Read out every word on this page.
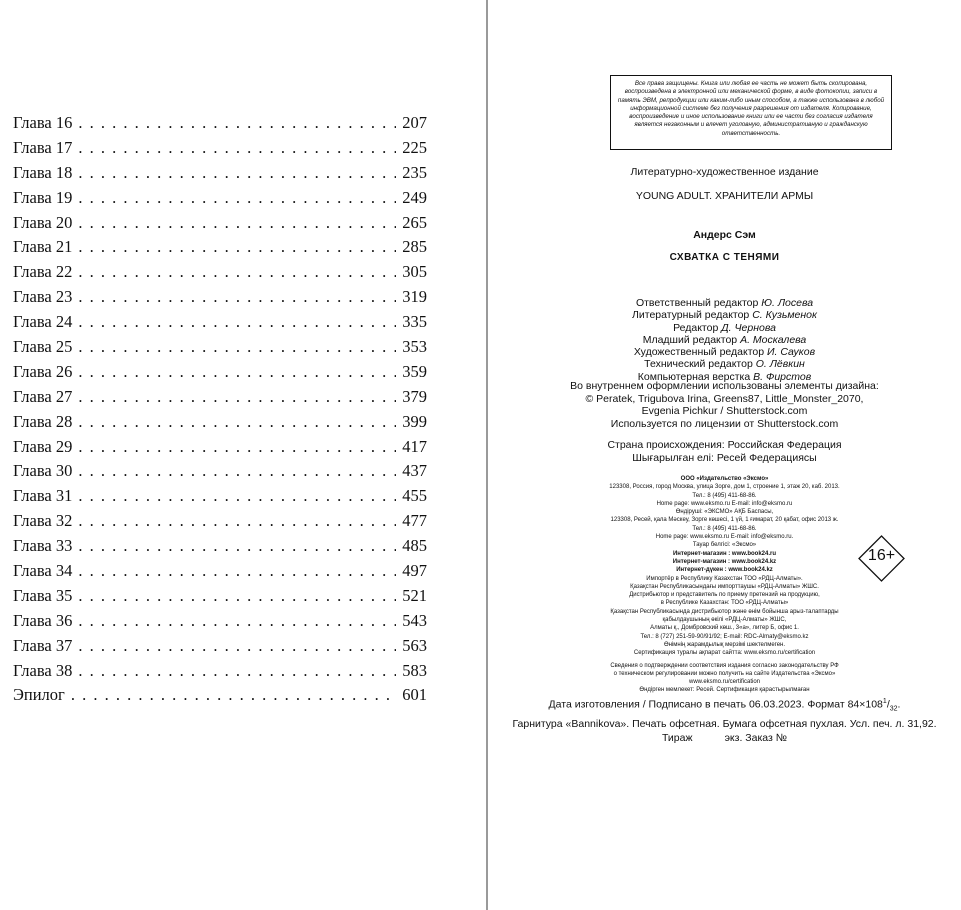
Глава 16 . . .	207
Глава 17 . . .	225
Глава 18 . . .	235
Глава 19 . . .	249
Глава 20 . . .	265
Глава 21 . . .	285
Глава 22 . . .	305
Глава 23 . . .	319
Глава 24 . . .	335
Глава 25 . . .	353
Глава 26 . . .	359
Глава 27 . . .	379
Глава 28 . . .	399
Глава 29 . . .	417
Глава 30 . . .	437
Глава 31 . . .	455
Глава 32 . . .	477
Глава 33 . . .	485
Глава 34 . . .	497
Глава 35 . . .	521
Глава 36 . . .	543
Глава 37 . . .	563
Глава 38 . . .	583
Эпилог . . .	601
Все права защищены. Книга или любая ее часть не может быть скопирована, воспроизведена в электронной или механической форме, в виде фотокопии, записи в память ЭВМ, репродукции или каким-либо иным способом, а также использована в любой информационной системе без получения разрешения от издателя. Копирование, воспроизведение и иное использование книги или ее части без согласия издателя является незаконным и влечет уголовную, административную и гражданскую ответственность.
Литературно-художественное издание
YOUNG ADULT. ХРАНИТЕЛИ АРМЫ
Андерс Сэм
СХВАТКА С ТЕНЯМИ
Ответственный редактор Ю. Лосева
Литературный редактор С. Кузьменок
Редактор Д. Чернова
Младший редактор А. Москалева
Художественный редактор И. Сауков
Технический редактор О. Лёвкин
Компьютерная верстка В. Фирстов
Во внутреннем оформлении использованы элементы дизайна:
© Peratek, Trigubova Irina, Greens87, Little_Monster_2070,
Evgenia Pichkur / Shutterstock.com
Используется по лицензии от Shutterstock.com
Страна происхождения: Российская Федерация
Шығарылған елі: Ресей Федерациясы
ООО «Издательство «Эксмо»
123308, Россия, город Москва, улица Зорге, дом 1, строение 1, этаж 20, каб. 2013.
Тел.: 8 (495) 411-68-86.
Home page: www.eksmo.ru E-mail: info@eksmo.ru
Өндіруші: «ЭКСМО» АҚБ Баспасы,
123308, Ресей, қала Мәскеу, Зорге көшесі, 1 үй, 1 ғимарат, 20 қабат, офис 2013 ж.
Тел.: 8 (495) 411-68-86.
Home page: www.eksmo.ru E-mail: info@eksmo.ru.
Тауар белгісі: «Эксмо»
Интернет-магазин : www.book24.ru
Интернет-магазин : www.book24.kz
Интернет-дүкен : www.book24.kz
Импортёр в Республику Казахстан ТОО «РДЦ-Алматы».
Қазақстан Республикасындағы импорттаушы «РДЦ-Алматы» ЖШС.
Дистрибьютор и представитель по приему претензий на продукцию,
в Республике Казахстан: ТОО «РДЦ-Алматы»
Қазақстан Республикасында дистрибьютор және өнім бойынша арыз-талаптарды
қабылдаушының өкілі «РДЦ-Алматы» ЖШС,
Алматы қ., Домбровский көш., 3«а», литер Б, офис 1.
Тел.: 8 (727) 251-59-90/91/92; E-mail: RDC-Almaty@eksmo.kz
Өнімнің жарамдылық мерзімі шектелмеген.
Сертификация туралы ақпарат сайтта: www.eksmo.ru/certification
Сведения о подтверждении соответствия издания согласно законодательству РФ
о техническом регулировании можно получить на сайте Издательства «Эксмо»
www.eksmo.ru/certification
Өндірген мемлекет: Ресей. Сертификация қарастырылмаған
16+
Дата изготовления / Подписано в печать 06.03.2023. Формат $84\times 108^1/_{32}$.
Гарнитура «Bannikova». Печать офсетная. Бумага офсетная пухлая. Усл. печ. л. 31,92.
Тираж           экз. Заказ №
